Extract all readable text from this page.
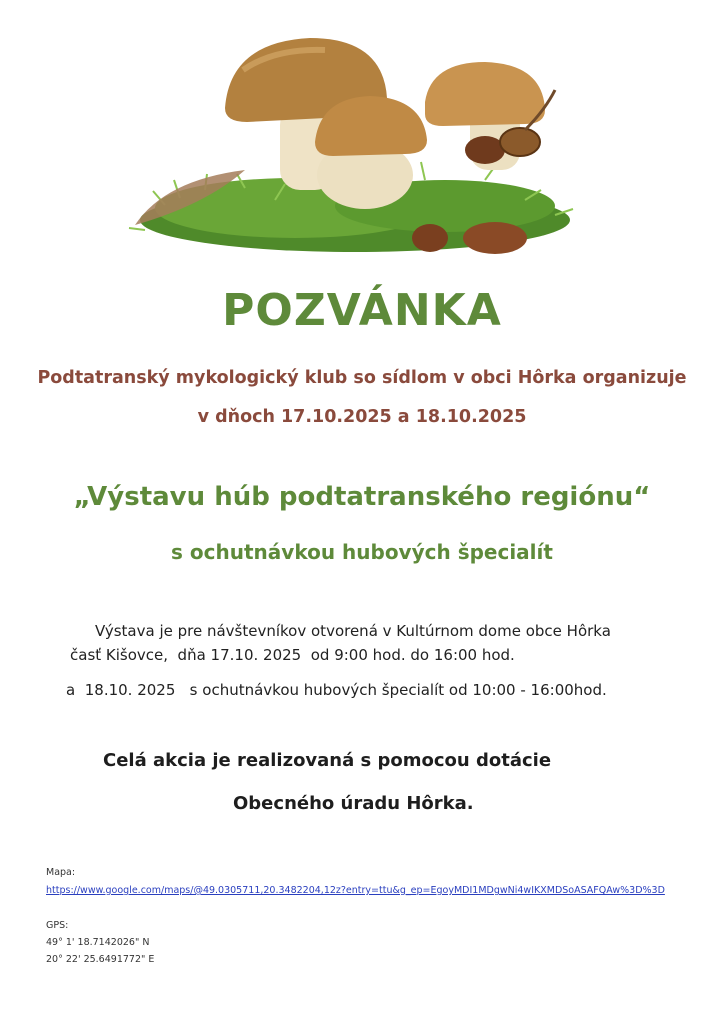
POZVÁNKA
Podtatranský mykologický klub so sídlom v obci Hôrka organizuje
v dňoch 17.10.2025 a 18.10.2025
„Výstavu húb podtatranského regiónu“
s ochutnávkou hubových špecialít
Výstava je pre návštevníkov otvorená v Kultúrnom dome obce Hôrka
časť Kišovce,  dňa 17.10. 2025  od 9:00 hod. do 16:00 hod.
a  18.10. 2025   s ochutnávkou hubových špecialít od 10:00 - 16:00hod.
Celá akcia je realizovaná s pomocou dotácie
Obecného úradu Hôrka.
Mapa:
https://www.google.com/maps/@49.0305711,20.3482204,12z?entry=ttu&g_ep=EgoyMDI1MDgwNi4wIKXMDSoASAFQAw%3D%3D
GPS:
49° 1' 18.7142026" N
20° 22' 25.6491772" E
